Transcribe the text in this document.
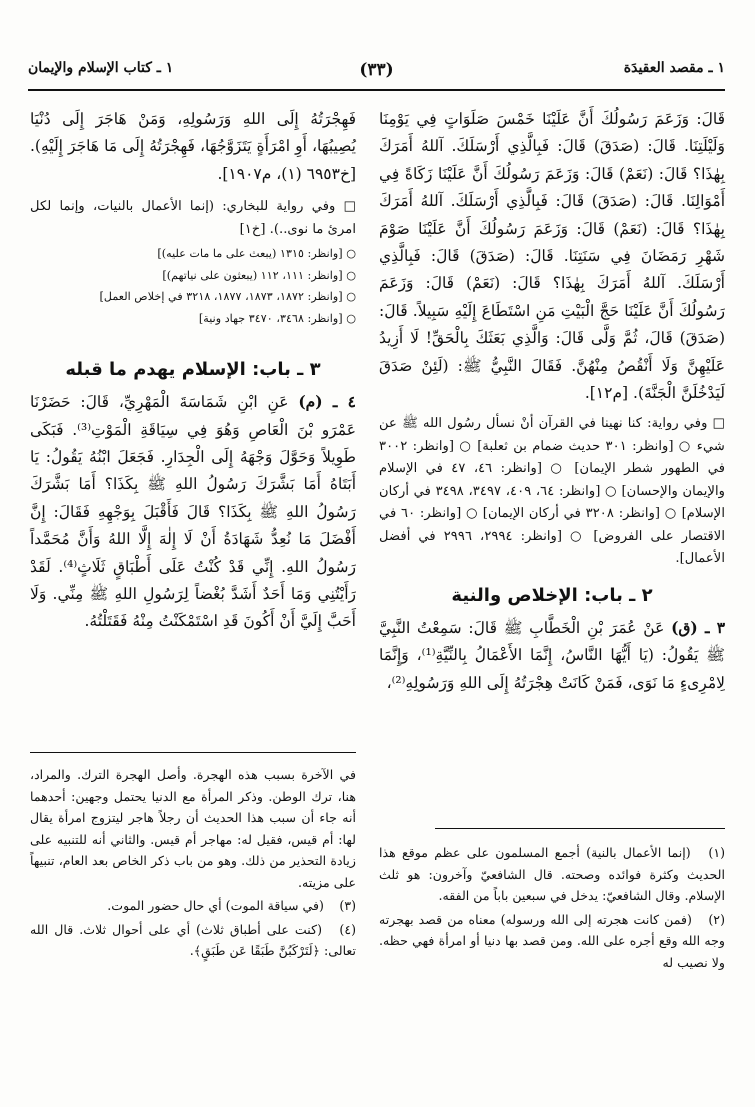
١ ـ مقصد العقيدَة
(٣٣)
١ ـ كتاب الإسلام والإيمان

قَالَ: وَزَعَمَ رَسُولُكَ أَنَّ عَلَيْنَا خَمْسَ صَلَوَاتٍ فِي يَوْمِنَا وَلَيْلَتِنَا. قَالَ: (صَدَقَ) قَالَ: فَبِالَّذِي أَرْسَلَكَ. آللهُ أَمَرَكَ بِهٰذَا؟ قَالَ: (نَعَمْ) قَالَ: وَزَعَمَ رَسُولُكَ أَنَّ عَلَيْنَا زَكَاةً فِي أَمْوَالِنَا. قَالَ: (صَدَقَ) قَالَ: فَبِالَّذِي أَرْسَلَكَ. آللهُ أَمَرَكَ بِهٰذَا؟ قَالَ: (نَعَمْ) قَالَ: وَزَعَمَ رَسُولُكَ أَنَّ عَلَيْنَا صَوْمَ شَهْرِ رَمَضَانَ فِي سَنَتِنَا. قَالَ: (صَدَقَ) قَالَ: فَبِالَّذِي أَرْسَلَكَ. آللهُ أَمَرَكَ بِهٰذَا؟ قَالَ: (نَعَمْ) قَالَ: وَزَعَمَ رَسُولُكَ أَنَّ عَلَيْنَا حَجَّ الْبَيْتِ مَنِ اسْتَطَاعَ إِلَيْهِ سَبِيلاً. قَالَ: (صَدَقَ) قَالَ، ثُمَّ وَلَّى قَالَ: وَالَّذِي بَعَثَكَ بِالْحَقِّ! لَا أَزِيدُ عَلَيْهِنَّ وَلَا أَنْقُصُ مِنْهُنَّ. فَقَالَ النَّبِيُّ ﷺ: (لَئِنْ صَدَقَ لَيَدْخُلَنَّ الْجَنَّةَ). [م١٢].

□ وفي رواية: كنا نهينا في القرآن أنْ نسأل رسُول الله ﷺ عن شيء ○ [وانظر: ٣٠١ حديث ضمام بن ثعلبة] ○ [وانظر: ٣٠٠٢ في الطهور شطر الإيمان] ○ [وانظر: ٤٦، ٤٧ في الإسلام والإيمان والإحسان] ○ [وانظر: ٦٤، ٤٠٩، ٣٤٩٧، ٣٤٩٨ في أركان الإسلام] ○ [وانظر: ٣٢٠٨ في أركان الإيمان] ○ [وانظر: ٦٠ في الاقتصار على الفروض] ○ [وانظر: ٢٩٩٤، ٢٩٩٦ في أفضل الأعمال].

٢ ـ باب: الإخلاص والنية

٣ ـ (ق) عَنْ عُمَرَ بْنِ الْخَطَّابِ ﷺ قَالَ: سَمِعْتُ النَّبِيَّ ﷺ يَقُولُ: (يَا أَيُّهَا النَّاسُ، إِنَّمَا الأَعْمَالُ بِالنِّيَّةِ⁽¹⁾، وَإِنَّمَا لِامْرِىءٍ مَا نَوَى، فَمَنْ كَانَتْ هِجْرَتُهُ إِلَى اللهِ وَرَسُولِهِ⁽²⁾،

(١) (إنما الأعمال بالنية) أجمع المسلمون على عظم موقع هذا الحديث وكثرة فوائده وصحته. قال الشافعيّ وآخرون: هو ثلث الإسلام. وقال الشافعيّ: يدخل في سبعين باباً من الفقه.

(٢) (فمن كانت هجرته إلى الله ورسوله) معناه من قصد بهجرته وجه الله وقع أجره على الله. ومن قصد بها دنيا أو امرأة فهي حظه. ولا نصيب له

فَهِجْرَتُهُ إِلَى اللهِ وَرَسُولِهِ، وَمَنْ هَاجَرَ إِلَى دُنْيَا يُصِيبُهَا، أَوِ امْرَأَةٍ يَتَزَوَّجُهَا، فَهِجْرَتُهُ إِلَى مَا هَاجَرَ إِلَيْهِ). [خ٦٩٥٣ (١)، م١٩٠٧].

□ وفي رواية للبخاري: (إنما الأعمال بالنيات، وإنما لكل امرئ ما نوى..). [خ١]

○ [وانظر: ١٣١٥ (يبعث على ما مات عليه)]
○ [وانظر: ١١١، ١١٢ (يبعثون على نياتهم)]
○ [وانظر: ١٨٧٢، ١٨٧٣، ١٨٧٧، ٣٢١٨ في إخلاص العمل]
○ [وانظر: ٣٤٦٨، ٣٤٧٠ جهاد ونية]
٣ ـ باب: الإسلام يهدم ما قبله

٤ ـ (م) عَنِ ابْنِ شَمَاسَةَ الْمَهْرِيِّ، قَالَ: حَضَرْنَا عَمْرَو بْنَ الْعَاصِ وَهُوَ فِي سِيَاقَةِ الْمَوْتِ⁽³⁾. فَبَكَى طَوِيلاً وَحَوَّلَ وَجْهَهُ إِلَى الْجِدَارِ. فَجَعَلَ ابْنُهُ يَقُولُ: يَا أَبَتَاهُ أَمَا بَشَّرَكَ رَسُولُ اللهِ ﷺ بِكَذَا؟ أَمَا بَشَّرَكَ رَسُولُ اللهِ ﷺ بِكَذَا؟ قَالَ فَأَقْبَلَ بِوَجْهِهِ فَقَالَ: إِنَّ أَفْضَلَ مَا نُعِدُّ شَهَادَةُ أَنْ لَا إِلٰهَ إِلَّا اللهُ وَأَنَّ مُحَمَّداً رَسُولُ اللهِ. إِنِّي قَدْ كُنْتُ عَلَى أَطْبَاقٍ ثَلَاثٍ⁽⁴⁾. لَقَدْ رَأَيْتُنِي وَمَا أَحَدٌ أَشَدَّ بُغْضاً لِرَسُولِ اللهِ ﷺ مِنِّي. وَلَا أَحَبَّ إِلَيَّ أَنْ أَكُونَ قَدِ اسْتَمْكَنْتُ مِنْهُ فَقَتَلْتُهُ.

في الآخرة بسبب هذه الهجرة. وأصل الهجرة الترك. والمراد، هنا، ترك الوطن. وذكر المرأة مع الدنيا يحتمل وجهين: أحدهما أنه جاء أن سبب هذا الحديث أن رجلاً هاجر ليتزوج امرأة يقال لها: أم قيس، فقيل له: مهاجر أم قيس. والثاني أنه للتنبيه على زيادة التحذير من ذلك. وهو من باب ذكر الخاص بعد العام، تنبيهاً على مزيته.

(٣) (في سياقة الموت) أي حال حضور الموت.

(٤) (كنت على أطباق ثلاث) أي على أحوال ثلاث. قال الله تعالى: ﴿لَتَرْكَبُنَّ طَبَقًا عَن طَبَقٍ﴾.
